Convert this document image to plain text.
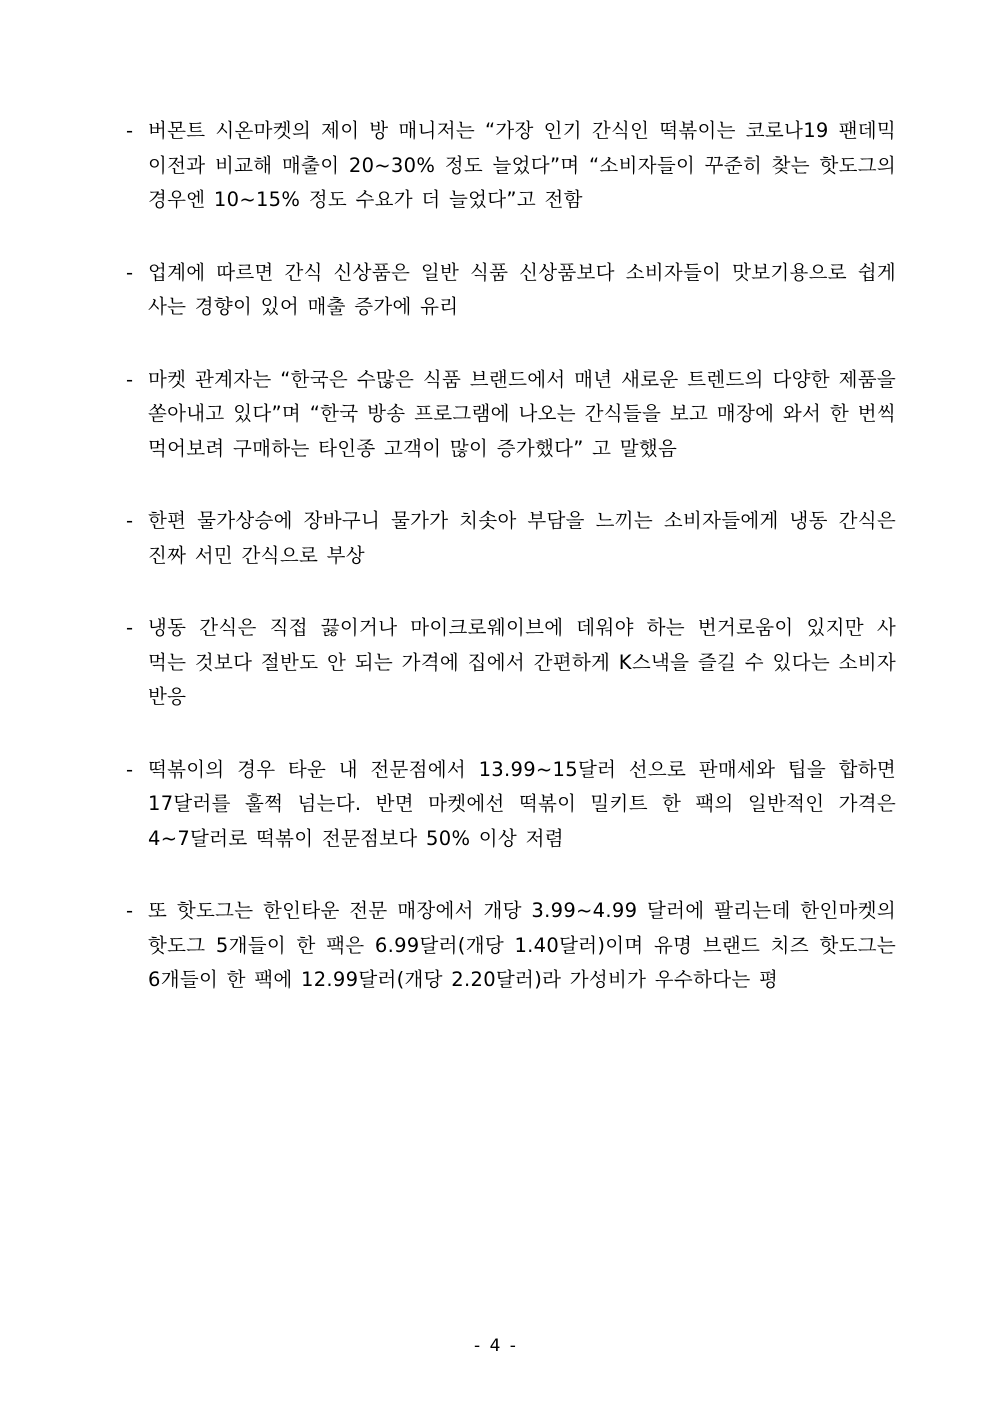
- 버몬트 시온마켓의 제이 방 매니저는 “가장 인기 간식인 떡볶이는 코로나19 팬데믹 이전과 비교해 매출이 20~30% 정도 늘었다”며 “소비자들이 꾸준히 찾는 핫도그의 경우엔 10~15% 정도 수요가 더 늘었다”고 전함
- 업계에 따르면 간식 신상품은 일반 식품 신상품보다 소비자들이 맛보기용으로 쉽게 사는 경향이 있어 매출 증가에 유리
- 마켓 관계자는 “한국은 수많은 식품 브랜드에서 매년 새로운 트렌드의 다양한 제품을 쏟아내고 있다”며 “한국 방송 프로그램에 나오는 간식들을 보고 매장에 와서 한 번씩 먹어보려 구매하는 타인종 고객이 많이 증가했다” 고 말했음
- 한편 물가상승에 장바구니 물가가 치솟아 부담을 느끼는 소비자들에게 냉동 간식은 진짜 서민 간식으로 부상
- 냉동 간식은 직접 끓이거나 마이크로웨이브에 데워야 하는 번거로움이 있지만 사 먹는 것보다 절반도 안 되는 가격에 집에서 간편하게 K스낵을 즐길 수 있다는 소비자 반응
- 떡볶이의 경우 타운 내 전문점에서 13.99~15달러 선으로 판매세와 팁을 합하면 17달러를 훌쩍 넘는다. 반면 마켓에선 떡볶이 밀키트 한 팩의 일반적인 가격은 4~7달러로 떡볶이 전문점보다 50% 이상 저렴
- 또 핫도그는 한인타운 전문 매장에서 개당 3.99~4.99 달러에 팔리는데 한인마켓의 핫도그 5개들이 한 팩은 6.99달러(개당 1.40달러)이며 유명 브랜드 치즈 핫도그는 6개들이 한 팩에 12.99달러(개당 2.20달러)라 가성비가 우수하다는 평
- 4 -
